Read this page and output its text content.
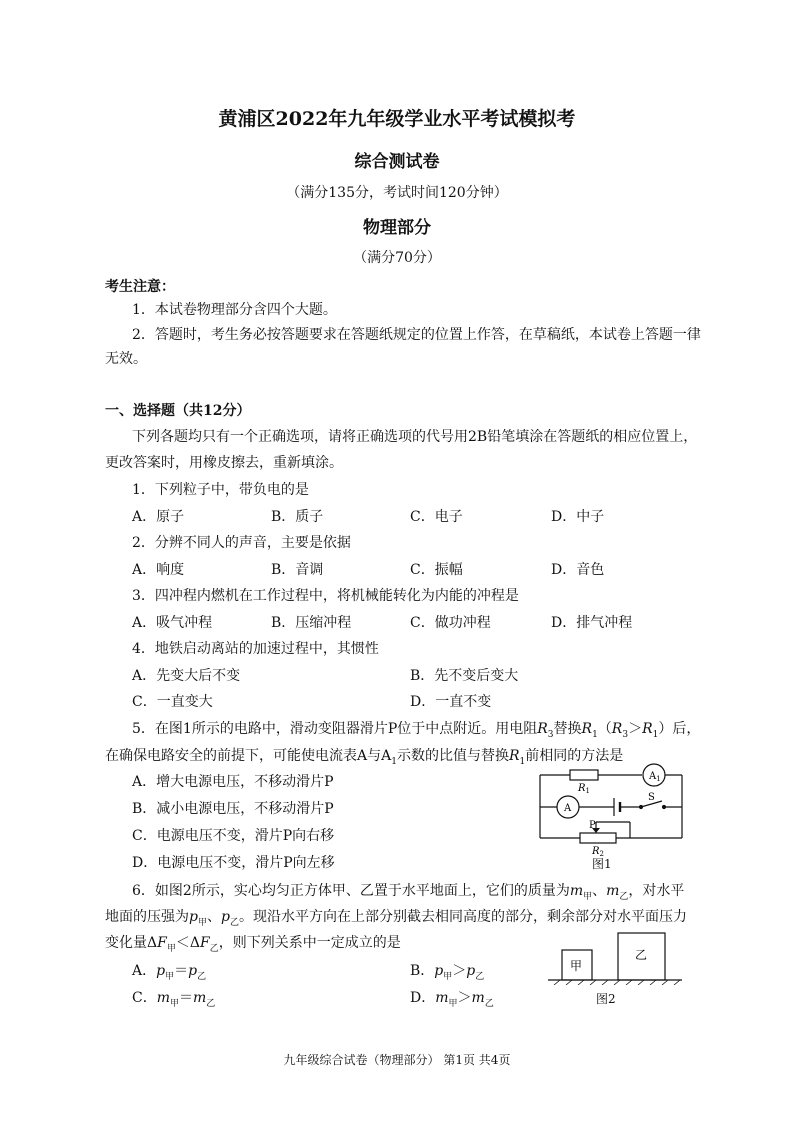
黄浦区2022年九年级学业水平考试模拟考
综合测试卷
（满分135分，考试时间120分钟）
物理部分
（满分70分）
考生注意：
1．本试卷物理部分含四个大题。
2．答题时，考生务必按答题要求在答题纸规定的位置上作答，在草稿纸，本试卷上答题一律
无效。
一、选择题（共12分）
下列各题均只有一个正确选项，请将正确选项的代号用2B铅笔填涂在答题纸的相应位置上，
更改答案时，用橡皮擦去，重新填涂。
1．下列粒子中，带负电的是
A．原子	B．质子	C．电子	D．中子
2．分辨不同人的声音，主要是依据
A．响度	B．音调	C．振幅	D．音色
3．四冲程内燃机在工作过程中，将机械能转化为内能的冲程是
A．吸气冲程	B．压缩冲程	C．做功冲程	D．排气冲程
4．地铁启动离站的加速过程中，其惯性
A．先变大后不变	B．先不变后变大
C．一直变大	D．一直不变
5．在图1所示的电路中，滑动变阻器滑片P位于中点附近。用电阻$R_3$替换$R_1(R_3>R_1)$后，
在确保电路安全的前提下，可能使电流表A与$A_1$示数的比值与替换$R_1$前相同的方法是
A．增大电源电压，不移动滑片P
B．减小电源电压，不移动滑片P
C．电源电压不变，滑片P向右移
D．电源电压不变，滑片P向左移
$R_1$
$A_1$
A
S
P
$R_2$
图1
6．如图2所示，实心均匀正方体甲、乙置于水平地面上，它们的质量为$m_甲$、$m_乙$，对水平
地面的压强为$p_甲$、$p_乙$。现沿水平方向在上部分别截去相同高度的部分，剩余部分对水平面压力
变化量$\Delta F_甲<\Delta F_乙$，则下列关系中一定成立的是
A．$p_甲=p_乙$	B．$p_甲>p_乙$
C．$m_甲=m_乙$	D．$m_甲>m_乙$
甲
乙
图2
九年级综合试卷（物理部分） 第1页 共4页
